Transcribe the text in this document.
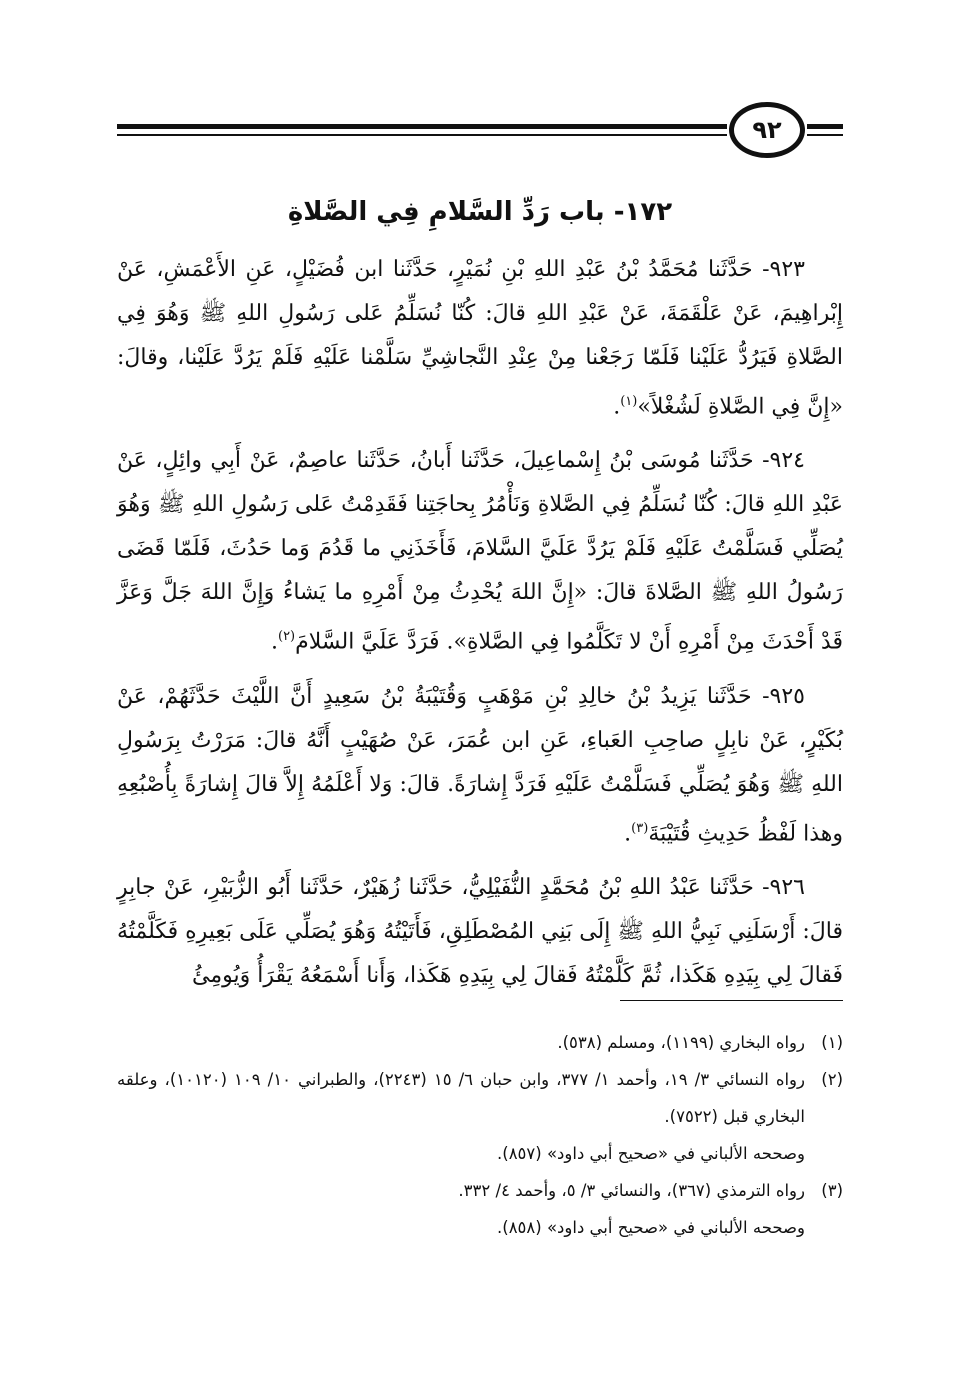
٩٢
١٧٢- باب رَدِّ السَّلامِ فِي الصَّلاةِ

٩٢٣- حَدَّثَنا مُحَمَّدُ بْنُ عَبْدِ اللهِ بْنِ نُمَيْرٍ، حَدَّثَنا ابن فُضَيْلٍ، عَنِ الأَعْمَشِ، عَنْ إِبْراهِيمَ، عَنْ عَلْقَمَةَ، عَنْ عَبْدِ اللهِ قالَ: كُنّا نُسَلِّمُ عَلى رَسُولِ اللهِ ﷺ وَهُوَ فِي الصَّلاةِ فَيَرُدُّ عَلَيْنا فَلَمّا رَجَعْنا مِنْ عِنْدِ النَّجاشِيِّ سَلَّمْنا عَلَيْهِ فَلَمْ يَرُدَّ عَلَيْنا، وقالَ: «إِنَّ فِي الصَّلاةِ لَشُغْلاً»$^{(١)}$.

٩٢٤- حَدَّثَنا مُوسَى بْنُ إِسْماعِيلَ، حَدَّثَنا أَبانُ، حَدَّثَنا عاصِمٌ، عَنْ أَبِي وائِلٍ، عَنْ عَبْدِ اللهِ قالَ: كُنّا نُسَلِّمُ فِي الصَّلاةِ وَنَأْمُرُ بِحاجَتِنا فَقَدِمْتُ عَلى رَسُولِ اللهِ ﷺ وَهُوَ يُصَلِّي فَسَلَّمْتُ عَلَيْهِ فَلَمْ يَرُدَّ عَلَيَّ السَّلامَ، فَأَخَذَنِي ما قَدُمَ وَما حَدُثَ، فَلَمّا قَضَى رَسُولُ اللهِ ﷺ الصَّلاةَ قالَ: «إِنَّ اللهَ يُحْدِثُ مِنْ أَمْرِهِ ما يَشاءُ وَإِنَّ اللهَ جَلَّ وَعَزَّ قَدْ أَحْدَثَ مِنْ أَمْرِهِ أَنْ لا تَكَلَّمُوا فِي الصَّلاةِ». فَرَدَّ عَلَيَّ السَّلامَ$^{(٢)}$.

٩٢٥- حَدَّثَنا يَزِيدُ بْنُ خالِدِ بْنِ مَوْهَبٍ وَقُتَيْبَةُ بْنُ سَعِيدٍ أَنَّ اللَّيْثَ حَدَّثَهُمْ، عَنْ بُكَيْرٍ، عَنْ نابِلٍ صاحِبِ العَباءِ، عَنِ ابن عُمَرَ، عَنْ صُهَيْبٍ أَنَّهُ قالَ: مَرَرْتُ بِرَسُولِ اللهِ ﷺ وَهُوَ يُصَلِّي فَسَلَّمْتُ عَلَيْهِ فَرَدَّ إِشارَةً. قالَ: وَلا أَعْلَمُهُ إِلاَّ قالَ إِشارَةً بِأُصْبُعِهِ وهذا لَفْظُ حَدِيثِ قُتَيْبَةَ$^{(٣)}$.

٩٢٦- حَدَّثَنا عَبْدُ اللهِ بْنُ مُحَمَّدٍ النُّفَيْلِيُّ، حَدَّثَنا زُهَيْرٌ، حَدَّثَنا أَبُو الزُّبَيْرِ، عَنْ جابِرٍ قالَ: أَرْسَلَنِي نَبِيُّ اللهِ ﷺ إِلَى بَنِي المُصْطَلِقِ، فَأَتَيْتُهُ وَهُوَ يُصَلِّي عَلَى بَعِيرِهِ فَكَلَّمْتُهُ فَقالَ لِي بِيَدِهِ هَكَذا، ثُمَّ كَلَّمْتُهُ فَقالَ لِي بِيَدِهِ هَكَذا، وَأَنا أَسْمَعُهُ يَقْرَأُ وَيُومِئُ

(١)
رواه البخاري (١١٩٩)، ومسلم (٥٣٨).
(٢)
رواه النسائي ٣/ ١٩، وأحمد ١/ ٣٧٧، وابن حبان ٦/ ١٥ (٢٢٤٣)، والطبراني ١٠/ ١٠٩ (١٠١٢٠)، وعلقه البخاري قبل (٧٥٢٢).
وصححه الألباني في «صحيح أبي داود» (٨٥٧).
(٣)
رواه الترمذي (٣٦٧)، والنسائي ٣/ ٥، وأحمد ٤/ ٣٣٢.
وصححه الألباني في «صحيح أبي داود» (٨٥٨).
